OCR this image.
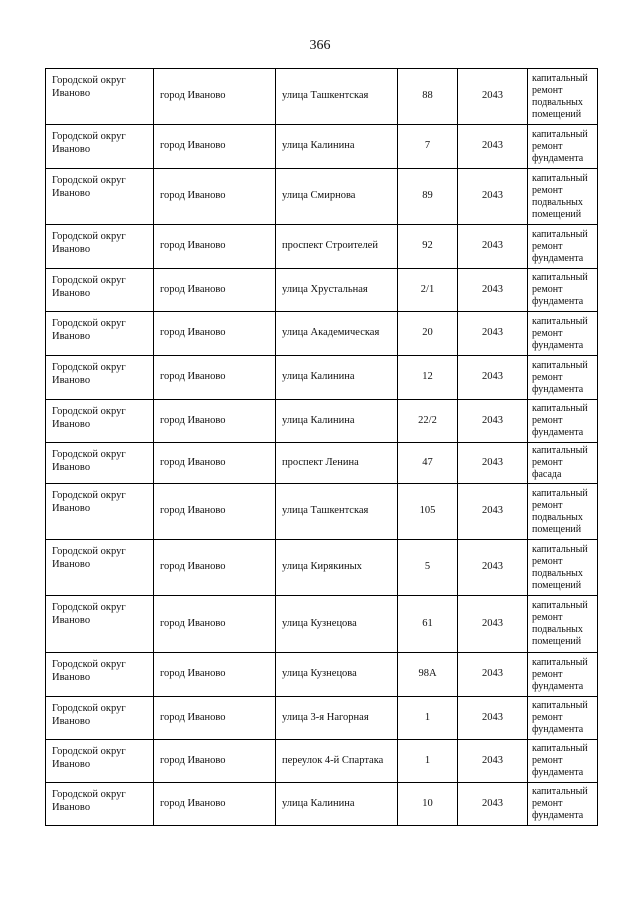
366
Городской округ Иваново	город Иваново	улица Ташкентская	88	2043	капитальный ремонт подвальных помещений
Городской округ Иваново	город Иваново	улица Калинина	7	2043	капитальный ремонт фундамента
Городской округ Иваново	город Иваново	улица Смирнова	89	2043	капитальный ремонт подвальных помещений
Городской округ Иваново	город Иваново	проспект Строителей	92	2043	капитальный ремонт фундамента
Городской округ Иваново	город Иваново	улица Хрустальная	2/1	2043	капитальный ремонт фундамента
Городской округ Иваново	город Иваново	улица Академическая	20	2043	капитальный ремонт фундамента
Городской округ Иваново	город Иваново	улица Калинина	12	2043	капитальный ремонт фундамента
Городской округ Иваново	город Иваново	улица Калинина	22/2	2043	капитальный ремонт фундамента
Городской округ Иваново	город Иваново	проспект Ленина	47	2043	капитальный ремонт фасада
Городской округ Иваново	город Иваново	улица Ташкентская	105	2043	капитальный ремонт подвальных помещений
Городской округ Иваново	город Иваново	улица Кирякиных	5	2043	капитальный ремонт подвальных помещений
Городской округ Иваново	город Иваново	улица Кузнецова	61	2043	капитальный ремонт подвальных помещений
Городской округ Иваново	город Иваново	улица Кузнецова	98А	2043	капитальный ремонт фундамента
Городской округ Иваново	город Иваново	улица 3-я Нагорная	1	2043	капитальный ремонт фундамента
Городской округ Иваново	город Иваново	переулок 4-й Спартака	1	2043	капитальный ремонт фундамента
Городской округ Иваново	город Иваново	улица Калинина	10	2043	капитальный ремонт фундамента
